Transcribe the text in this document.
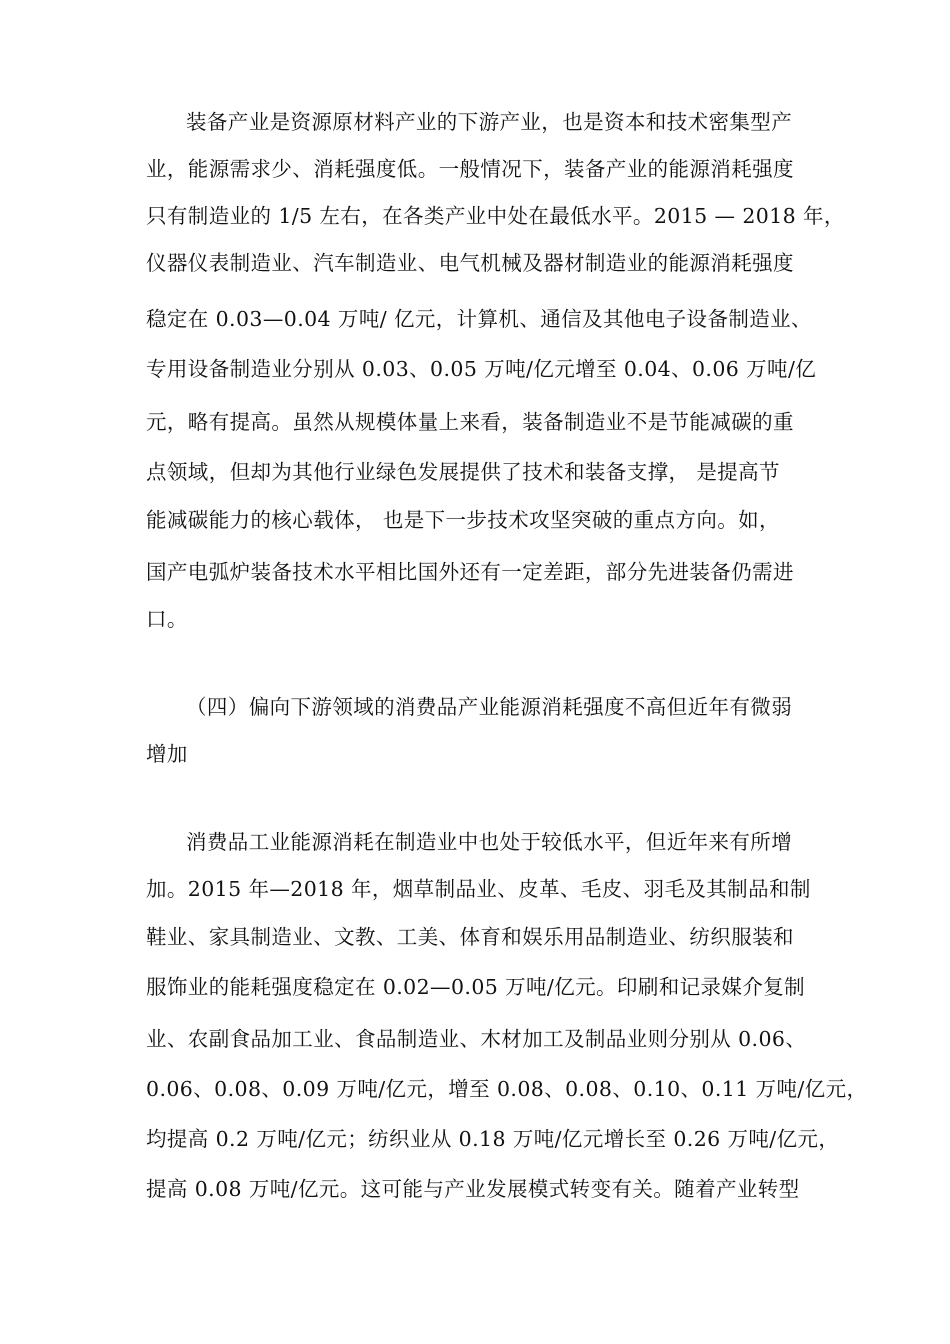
装备产业是资源原材料产业的下游产业，也是资本和技术密集型产
业，能源需求少、消耗强度低。一般情况下，装备产业的能源消耗强度
只有制造业的 1/5 左右，在各类产业中处在最低水平。2015 — 2018 年，
仪器仪表制造业、汽车制造业、电气机械及器材制造业的能源消耗强度
稳定在 0.03—0.04 万吨/ 亿元，计算机、通信及其他电子设备制造业、
专用设备制造业分别从 0.03、0.05 万吨/亿元增至 0.04、0.06 万吨/亿
元，略有提高。虽然从规模体量上来看，装备制造业不是节能减碳的重
点领域，但却为其他行业绿色发展提供了技术和装备支撑， 是提高节
能减碳能力的核心载体， 也是下一步技术攻坚突破的重点方向。如，
国产电弧炉装备技术水平相比国外还有一定差距，部分先进装备仍需进
口。
（四）偏向下游领域的消费品产业能源消耗强度不高但近年有微弱
增加
消费品工业能源消耗在制造业中也处于较低水平，但近年来有所增
加。2015 年—2018 年，烟草制品业、皮革、毛皮、羽毛及其制品和制
鞋业、家具制造业、文教、工美、体育和娱乐用品制造业、纺织服装和
服饰业的能耗强度稳定在 0.02—0.05 万吨/亿元。印刷和记录媒介复制
业、农副食品加工业、食品制造业、木材加工及制品业则分别从 0.06、
0.06、0.08、0.09 万吨/亿元，增至 0.08、0.08、0.10、0.11 万吨/亿元，
均提高 0.2 万吨/亿元；纺织业从 0.18 万吨/亿元增长至 0.26 万吨/亿元，
提高 0.08 万吨/亿元。这可能与产业发展模式转变有关。随着产业转型
